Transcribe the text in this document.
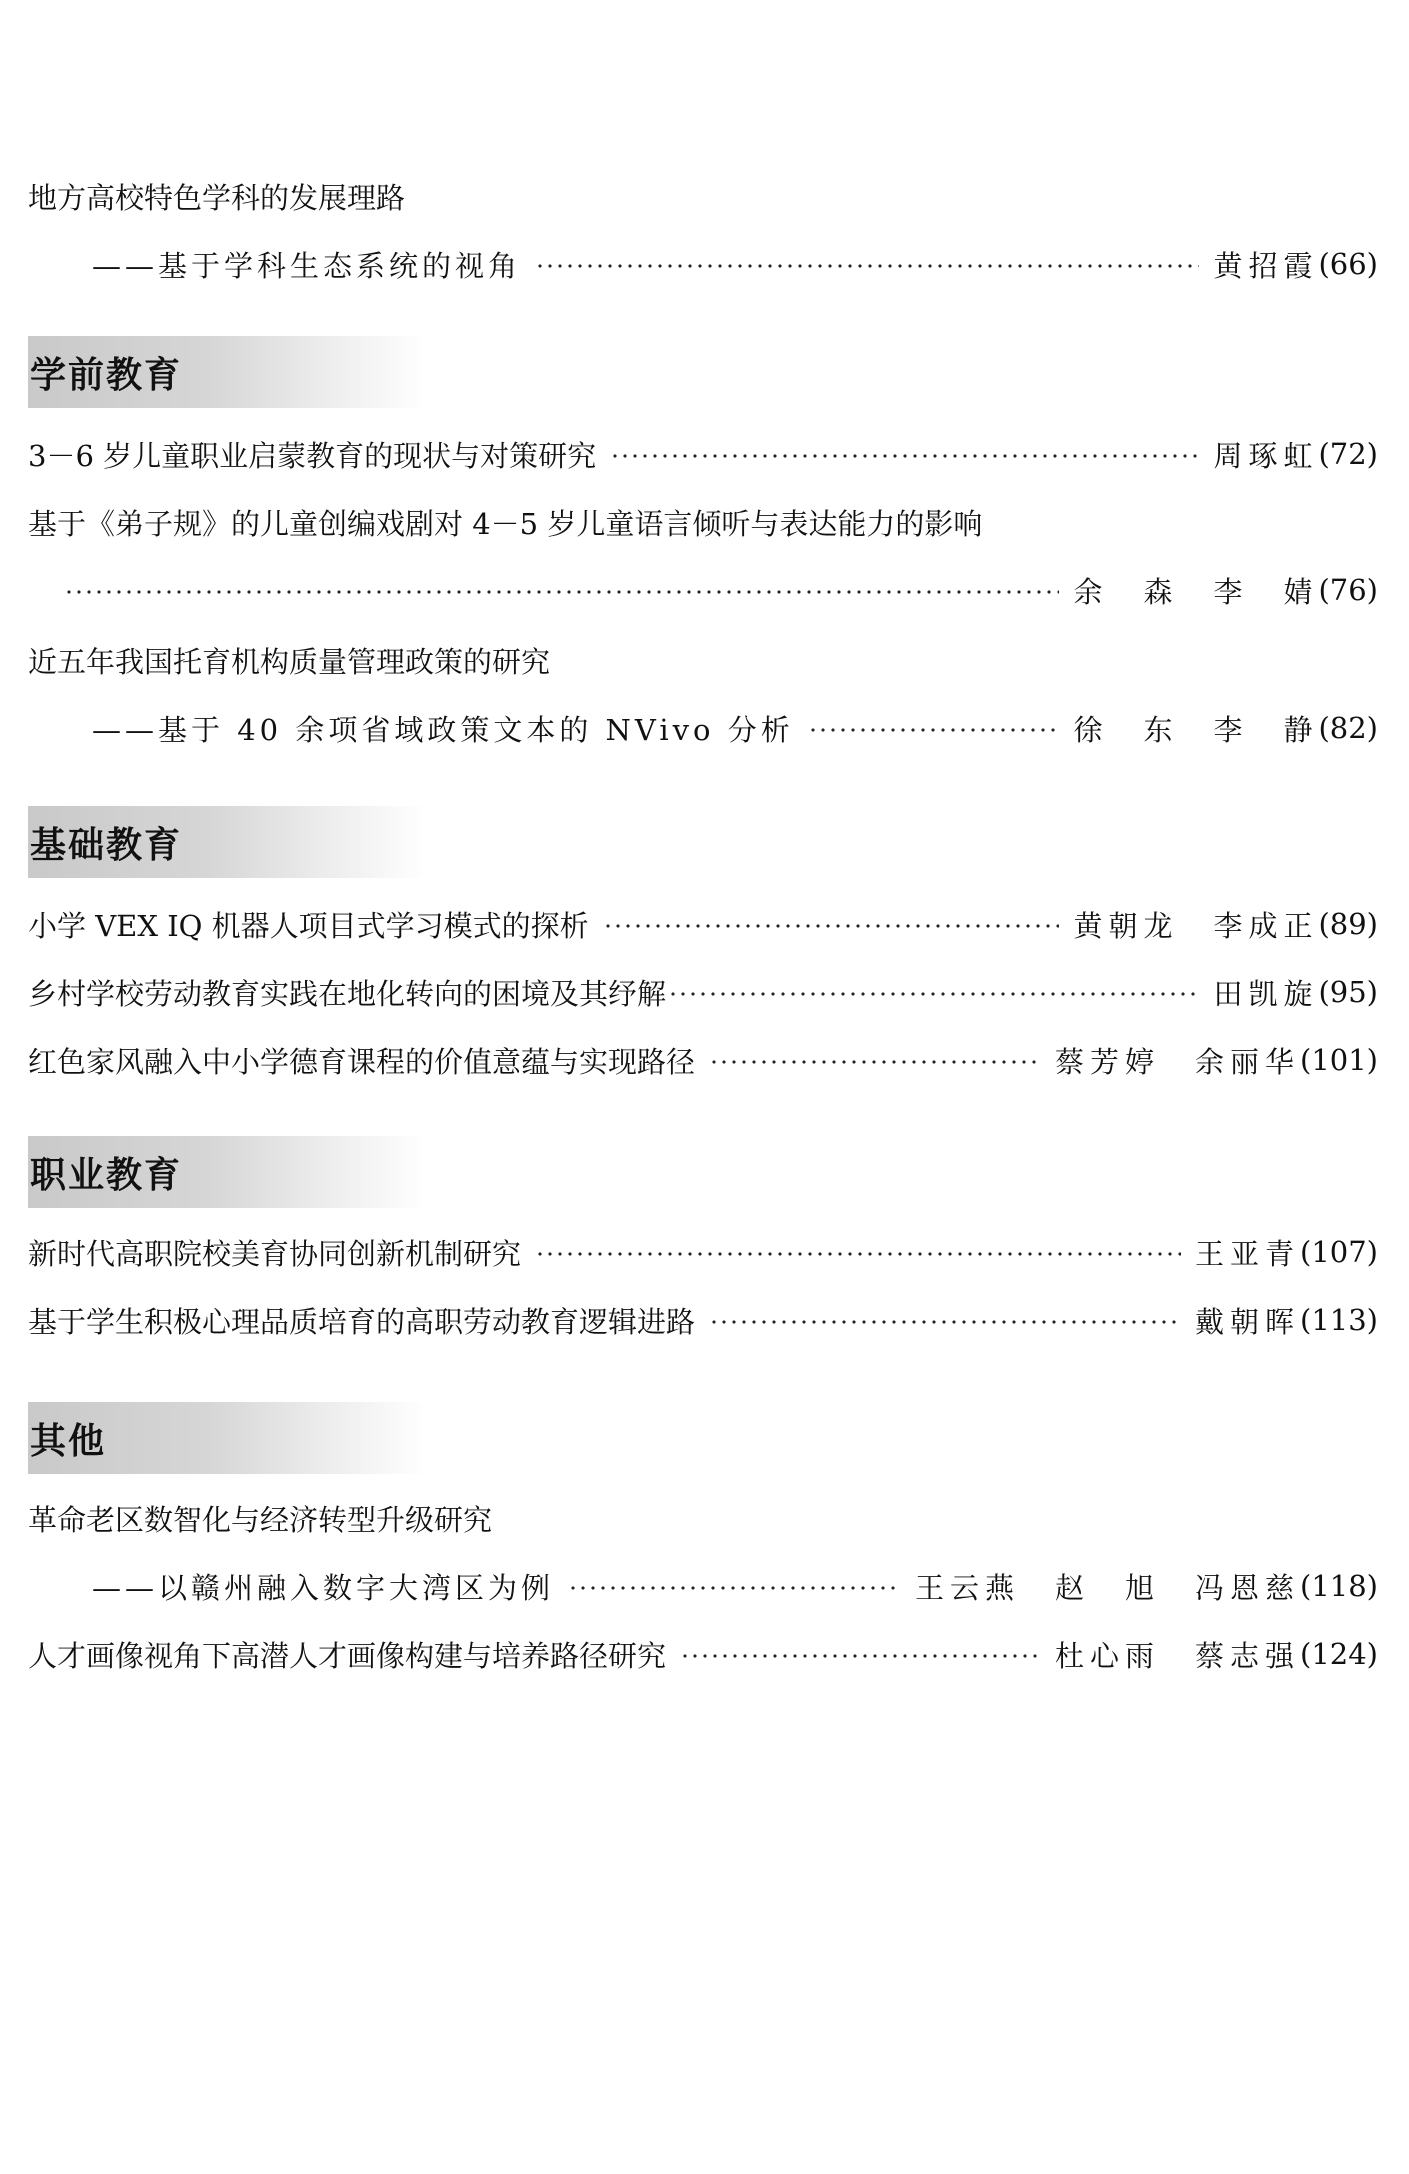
地方高校特色学科的发展理路
——基于学科生态系统的视角	黄招霞 (66)
学前教育
3－6 岁儿童职业启蒙教育的现状与对策研究	周琢虹 (72)
基于《弟子规》的儿童创编戏剧对 4－5 岁儿童语言倾听与表达能力的影响
余　森　李　婧 (76)
近五年我国托育机构质量管理政策的研究
——基于 40 余项省域政策文本的 NVivo 分析	徐　东　李　静 (82)
基础教育
小学 VEX IQ 机器人项目式学习模式的探析	黄朝龙　李成正 (89)
乡村学校劳动教育实践在地化转向的困境及其纾解	田凯旋 (95)
红色家风融入中小学德育课程的价值意蕴与实现路径	蔡芳婷　余丽华 (101)
职业教育
新时代高职院校美育协同创新机制研究	王亚青 (107)
基于学生积极心理品质培育的高职劳动教育逻辑进路	戴朝晖 (113)
其他
革命老区数智化与经济转型升级研究
——以赣州融入数字大湾区为例	王云燕　赵　旭　冯恩慈 (118)
人才画像视角下高潜人才画像构建与培养路径研究	杜心雨　蔡志强 (124)
